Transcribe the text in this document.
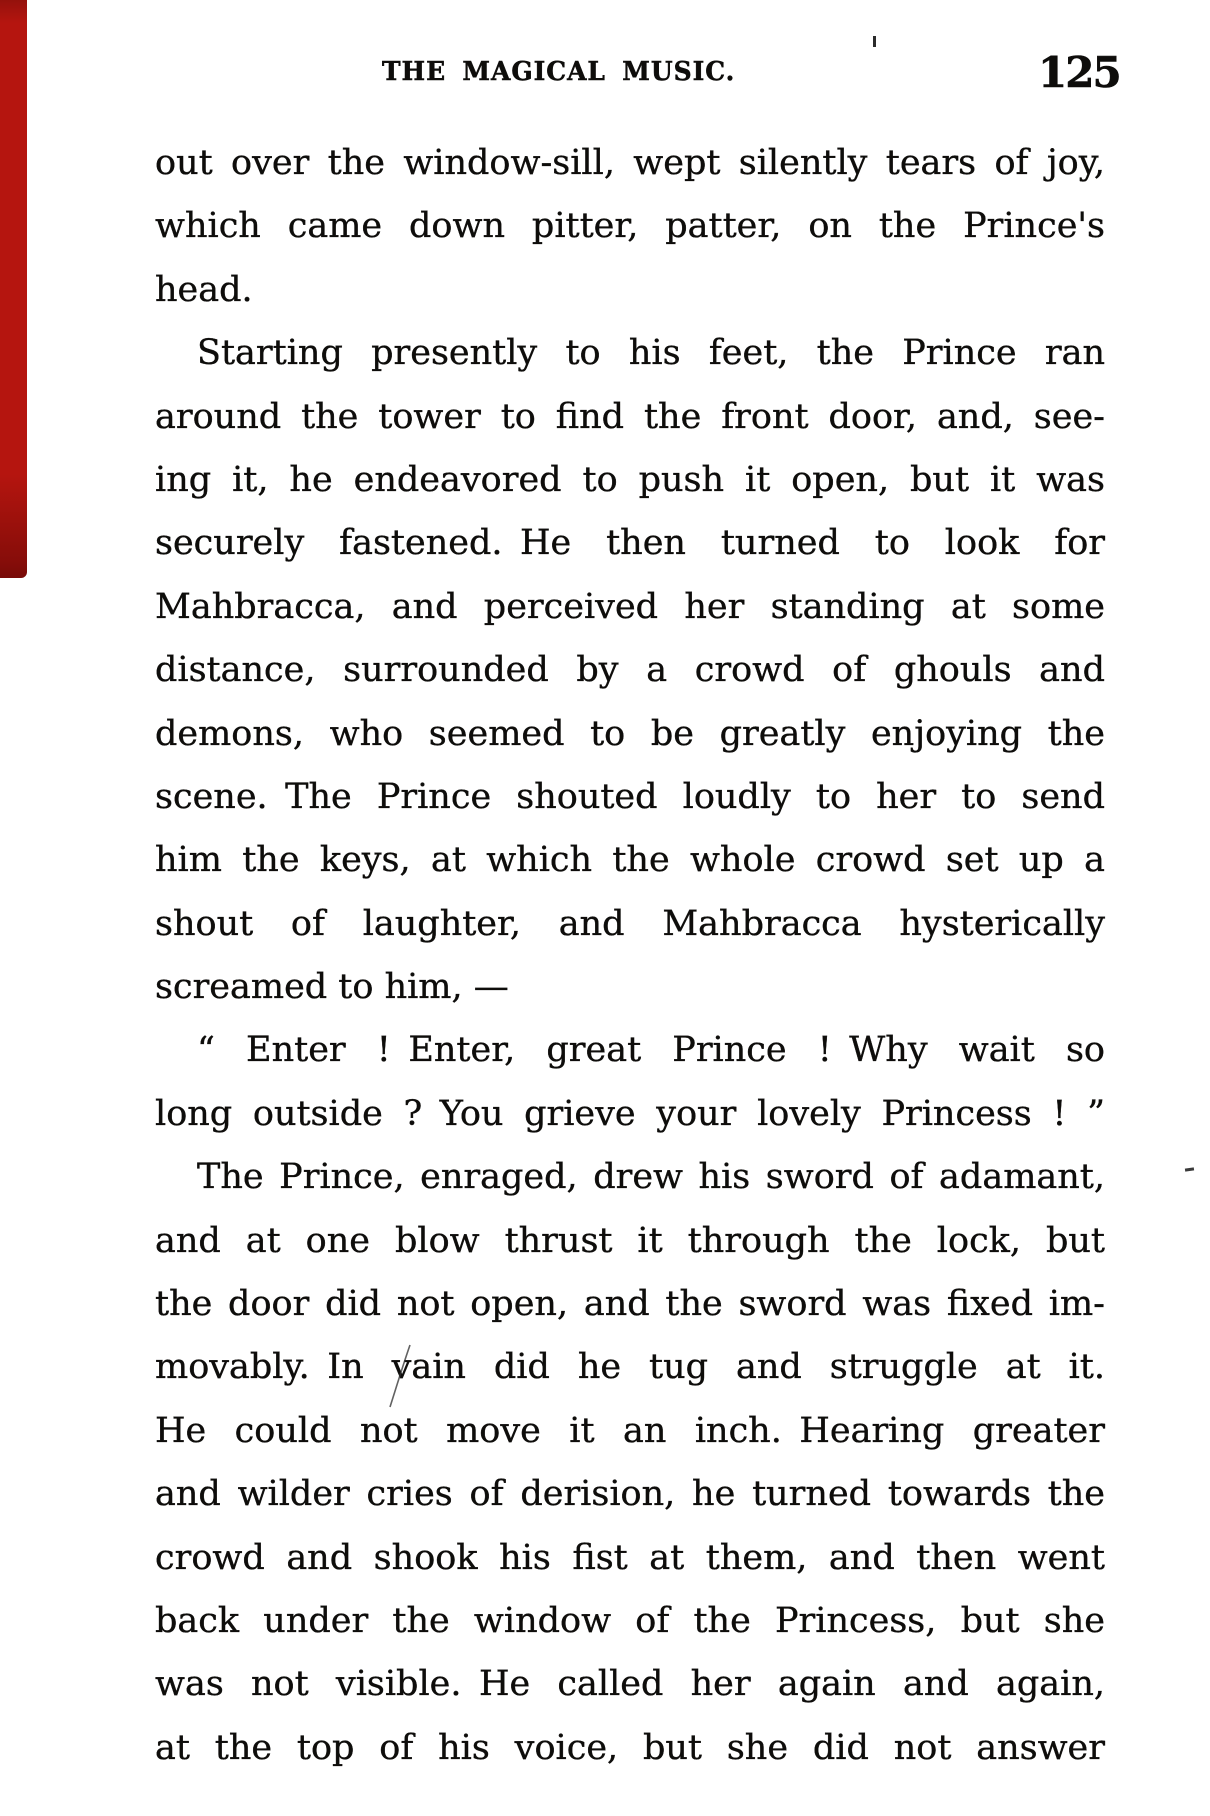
THE MAGICAL MUSIC.	125
out over the window-sill, wept silently tears of joy,
which came down pitter, patter, on the Prince's
head.
Starting presently to his feet, the Prince ran
around the tower to find the front door, and, see-
ing it, he endeavored to push it open, but it was
securely fastened. He then turned to look for
Mahbracca, and perceived her standing at some
distance, surrounded by a crowd of ghouls and
demons, who seemed to be greatly enjoying the
scene. The Prince shouted loudly to her to send
him the keys, at which the whole crowd set up a
shout of laughter, and Mahbracca hysterically
screamed to him, —
“ Enter ! Enter, great Prince ! Why wait so
long outside ? You grieve your lovely Princess ! ”
The Prince, enraged, drew his sword of adamant,
and at one blow thrust it through the lock, but
the door did not open, and the sword was fixed im-
movably. In vain did he tug and struggle at it.
He could not move it an inch. Hearing greater
and wilder cries of derision, he turned towards the
crowd and shook his fist at them, and then went
back under the window of the Princess, but she
was not visible. He called her again and again,
at the top of his voice, but she did not answer
